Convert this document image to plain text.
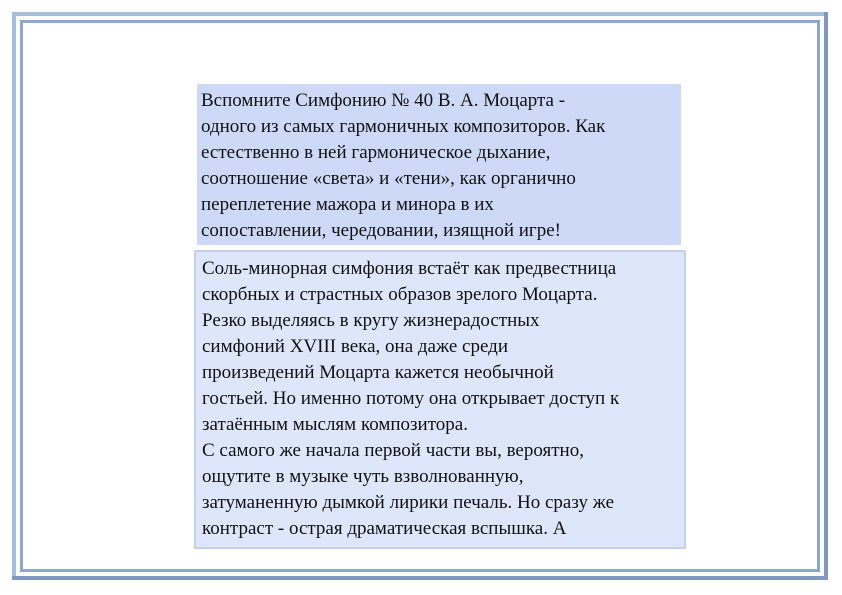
Вспомните Симфонию № 40 В. А. Моцарта -
одного из самых гармоничных композиторов. Как
естественно в ней гармоническое дыхание,
соотношение «света» и «тени», как органично
переплетение мажора и минора в их
сопоставлении, чередовании, изящной игре!
Соль-минорная симфония встаёт как предвестница
скорбных и страстных образов зрелого Моцарта.
Резко выделяясь в кругу жизнерадостных
симфоний XVIII века, она даже среди
произведений Моцарта кажется необычной
гостьей. Но именно потому она открывает доступ к
затаённым мыслям композитора.
С самого же начала первой части вы, вероятно,
ощутите в музыке чуть взволнованную,
затуманенную дымкой лирики печаль. Но сразу же
контраст - острая драматическая вспышка. А
